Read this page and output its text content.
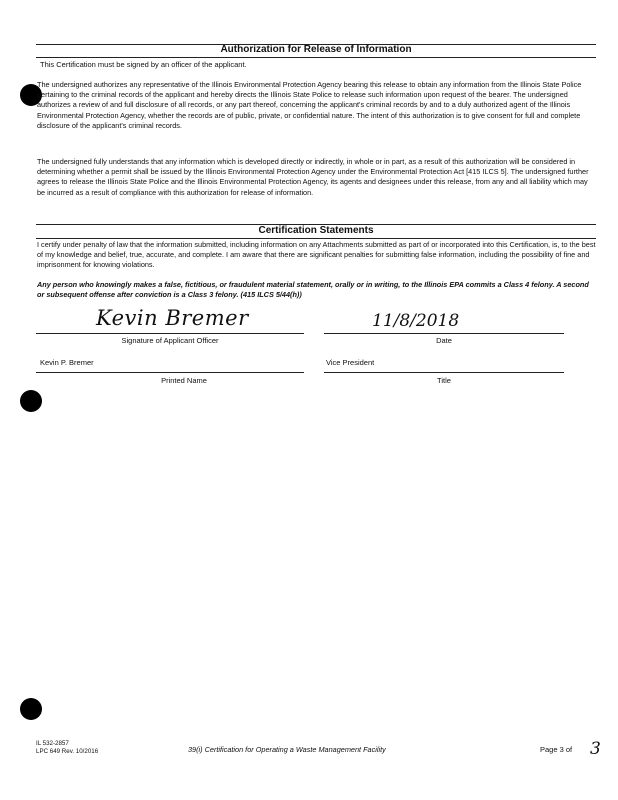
Authorization for Release of Information
This Certification must be signed by an officer of the applicant.
The undersigned authorizes any representative of the Illinois Environmental Protection Agency bearing this release to obtain any information from the Illinois State Police pertaining to the criminal records of the applicant and hereby directs the Illinois State Police to release such information upon request of the bearer. The undersigned authorizes a review of and full disclosure of all records, or any part thereof, concerning the applicant's criminal records by and to a duly authorized agent of the Illinois Environmental Protection Agency, whether the records are of public, private, or confidential nature. The intent of this authorization is to give consent for full and complete disclosure of the applicant's criminal records.
The undersigned fully understands that any information which is developed directly or indirectly, in whole or in part, as a result of this authorization will be considered in determining whether a permit shall be issued by the Illinois Environmental Protection Agency under the Environmental Protection Act [415 ILCS 5]. The undersigned further agrees to release the Illinois State Police and the Illinois Environmental Protection Agency, its agents and designees under this release, from any and all liability which may be incurred as a result of compliance with this authorization for release of information.
Certification Statements
I certify under penalty of law that the information submitted, including information on any Attachments submitted as part of or incorporated into this Certification, is, to the best of my knowledge and belief, true, accurate, and complete. I am aware that there are significant penalties for submitting false information, including the possibility of fine and imprisonment for knowing violations.
Any person who knowingly makes a false, fictitious, or fraudulent material statement, orally or in writing, to the Illinois EPA commits a Class 4 felony. A second or subsequent offense after conviction is a Class 3 felony. (415 ILCS 5/44(h))
Kevin Bremer
Signature of Applicant Officer
11/8/2018
Date
Kevin P. Bremer
Printed Name
Vice President
Title
IL 532-2857
LPC 649 Rev. 10/2016	39(i) Certification for Operating a Waste Management Facility	Page 3 of 3
